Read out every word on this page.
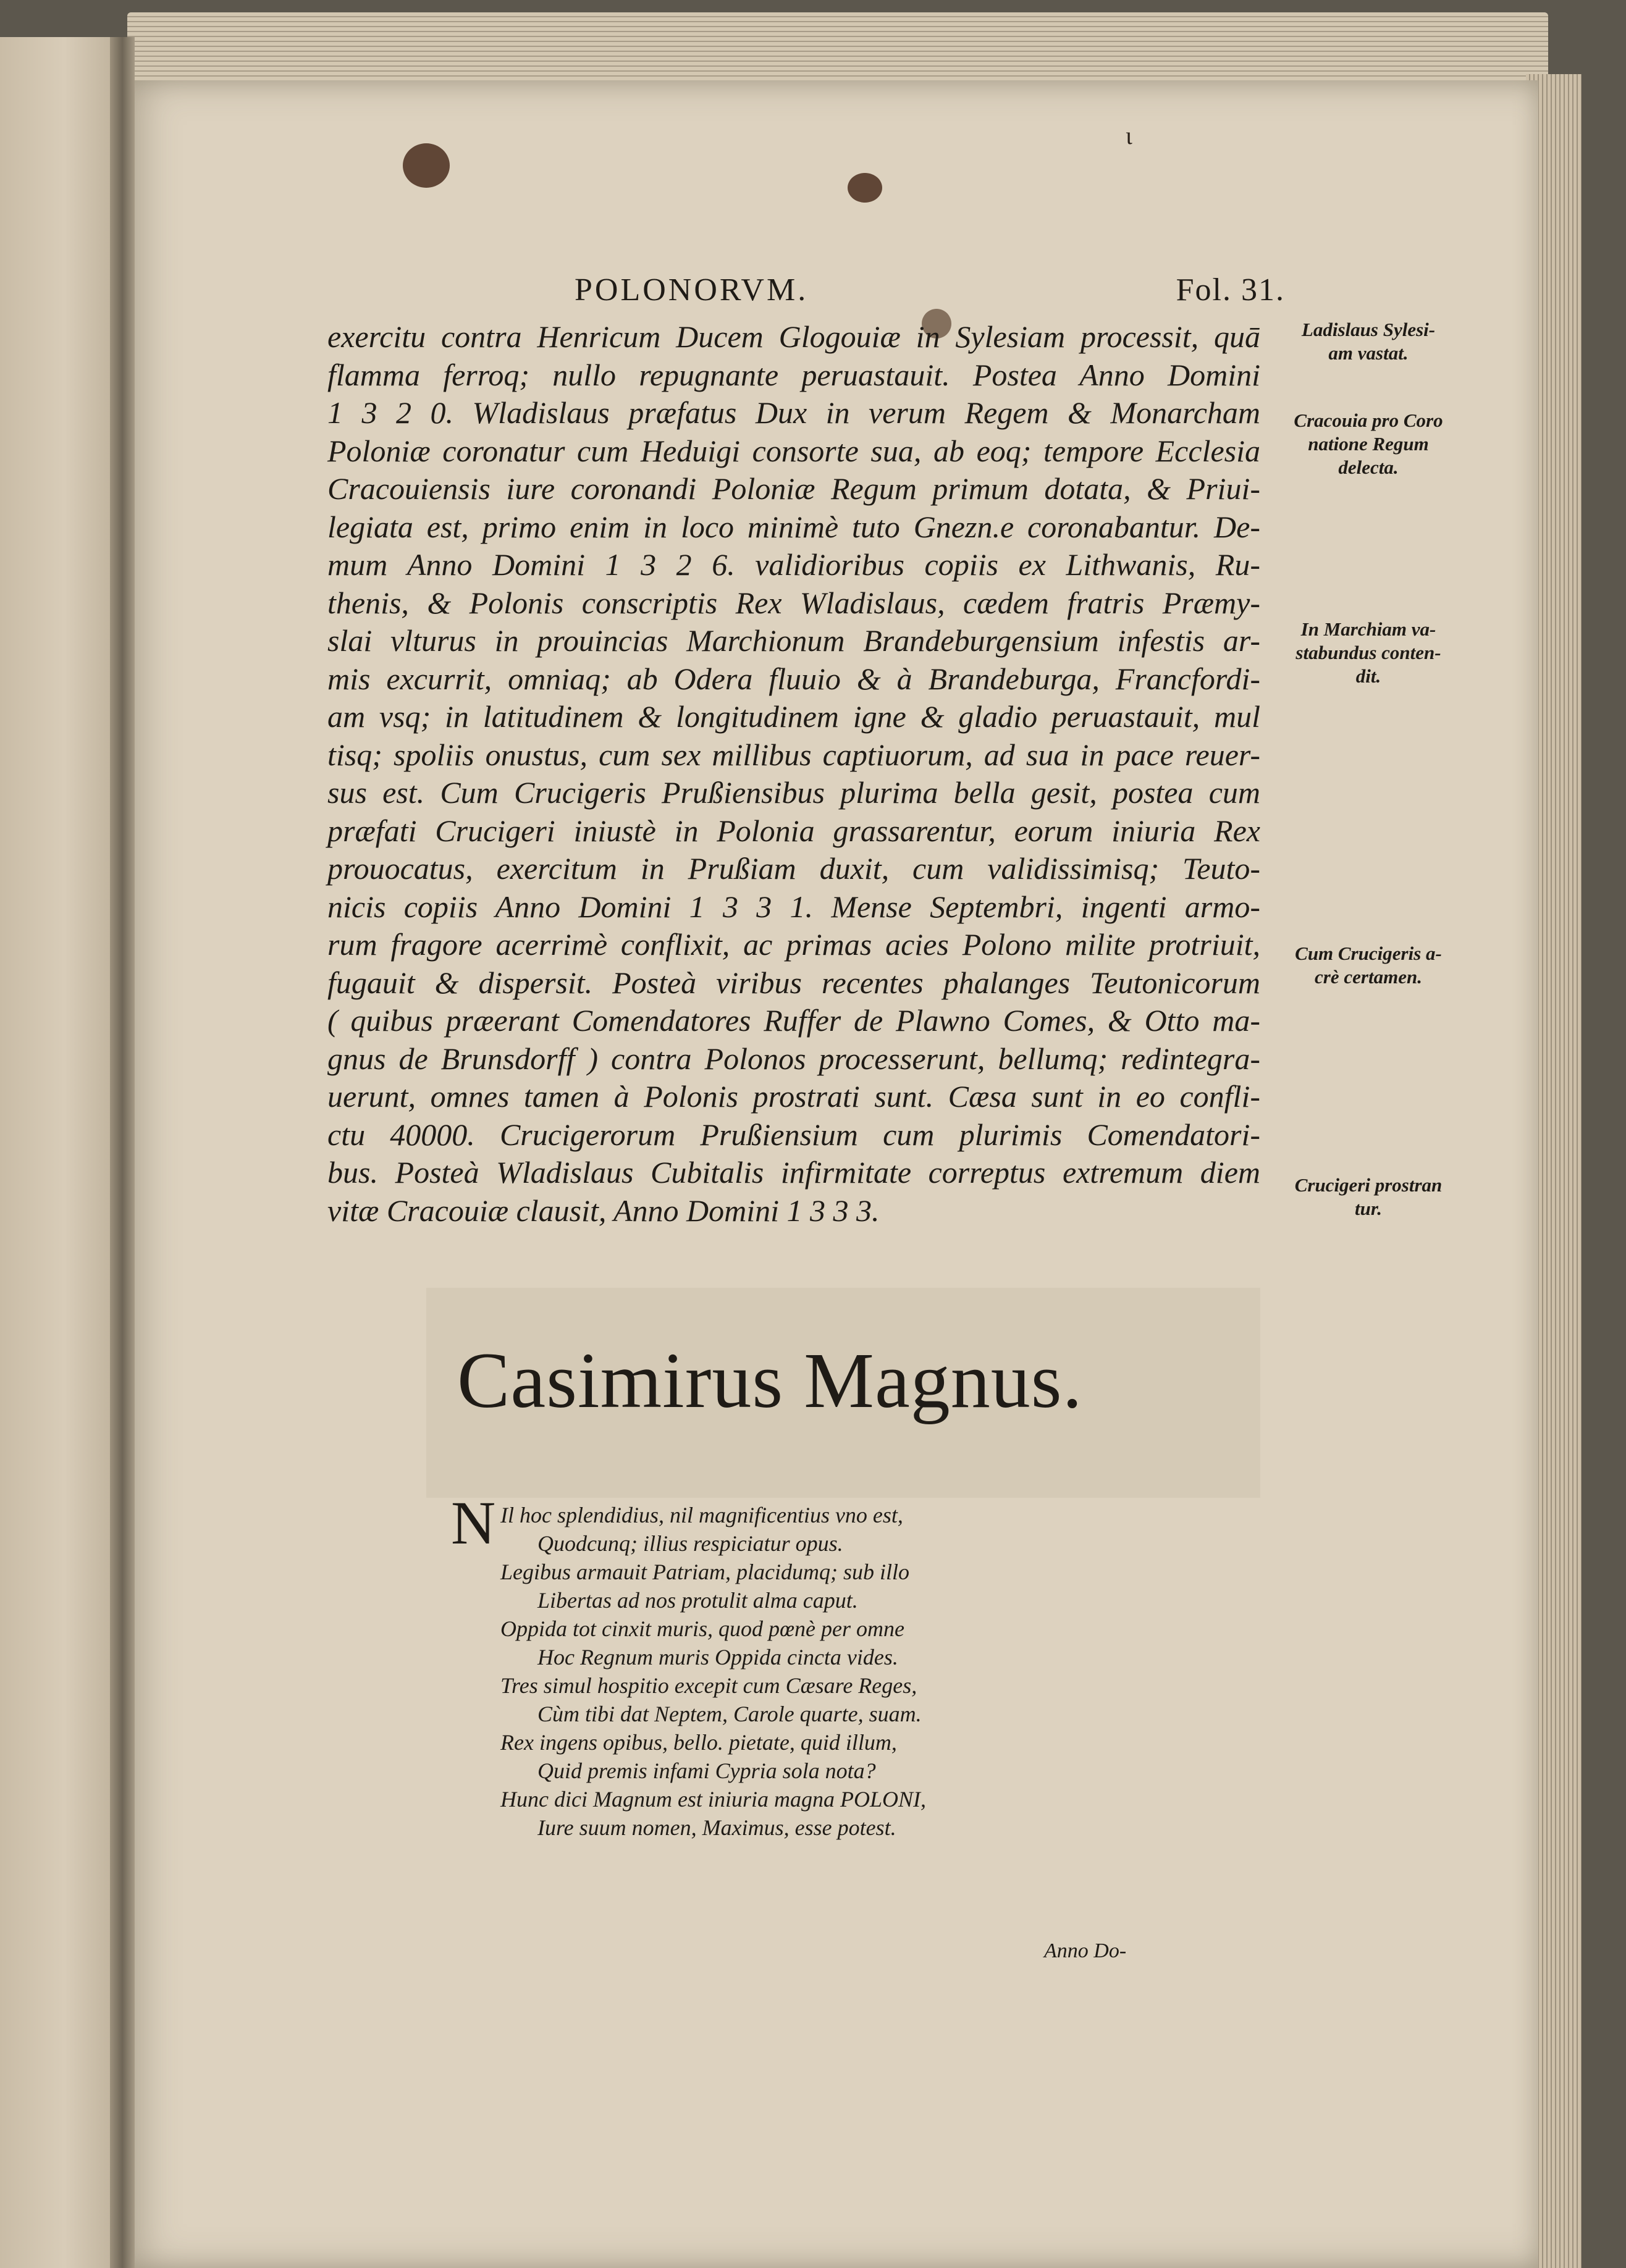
ι
POLONORVM.	Fol. 31.
exercitu contra Henricum Ducem Glogouiæ in Sylesiam processit, quā
flamma ferroq; nullo repugnante peruastauit. Postea Anno Domini
1 3 2 0. Wladislaus præfatus Dux in verum Regem & Monarcham
Poloniæ coronatur cum Heduigi consorte sua, ab eoq; tempore Ecclesia
Cracouiensis iure coronandi Poloniæ Regum primum dotata, & Priui-
legiata est, primo enim in loco minimè tuto Gnezn.e coronabantur. De-
mum Anno Domini 1 3 2 6. validioribus copiis ex Lithwanis, Ru-
thenis, & Polonis conscriptis Rex Wladislaus, cædem fratris Præmy-
slai vlturus in prouincias Marchionum Brandeburgensium infestis ar-
mis excurrit, omniaq; ab Odera fluuio & à Brandeburga, Francfordi-
am vsq; in latitudinem & longitudinem igne & gladio peruastauit, mul
tisq; spoliis onustus, cum sex millibus captiuorum, ad sua in pace reuer-
sus est. Cum Crucigeris Prußiensibus plurima bella gesit, postea cum
præfati Crucigeri iniustè in Polonia grassarentur, eorum iniuria Rex
prouocatus, exercitum in Prußiam duxit, cum validissimisq; Teuto-
nicis copiis Anno Domini 1 3 3 1. Mense Septembri, ingenti armo-
rum fragore acerrimè conflixit, ac primas acies Polono milite protriuit,
fugauit & dispersit. Posteà viribus recentes phalanges Teutonicorum
( quibus præerant Comendatores Ruffer de Plawno Comes, & Otto ma-
gnus de Brunsdorff ) contra Polonos processerunt, bellumq; redintegra-
uerunt, omnes tamen à Polonis prostrati sunt. Cæsa sunt in eo confli-
ctu 40000. Crucigerorum Prußiensium cum plurimis Comendatori-
bus. Posteà Wladislaus Cubitalis infirmitate correptus extremum diem
vitæ Cracouiæ clausit, Anno Domini 1 3 3 3.
Ladislaus Sylesi-
am vastat.
Cracouia pro Coro
natione Regum
delecta.
In Marchiam va-
stabundus conten-
dit.
Cum Crucigeris a-
crè certamen.
Crucigeri prostran
tur.
Casimirus Magnus.
N Il hoc splendidius, nil magnificentius vno est,
Quodcunq; illius respiciatur opus.
Legibus armauit Patriam, placidumq; sub illo
Libertas ad nos protulit alma caput.
Oppida tot cinxit muris, quod pœnè per omne
Hoc Regnum muris Oppida cincta vides.
Tres simul hospitio excepit cum Cæsare Reges,
Cùm tibi dat Neptem, Carole quarte, suam.
Rex ingens opibus, bello. pietate, quid illum,
Quid premis infami Cypria sola nota?
Hunc dici Magnum est iniuria magna POLONI,
Iure suum nomen, Maximus, esse potest.
Anno Do-
